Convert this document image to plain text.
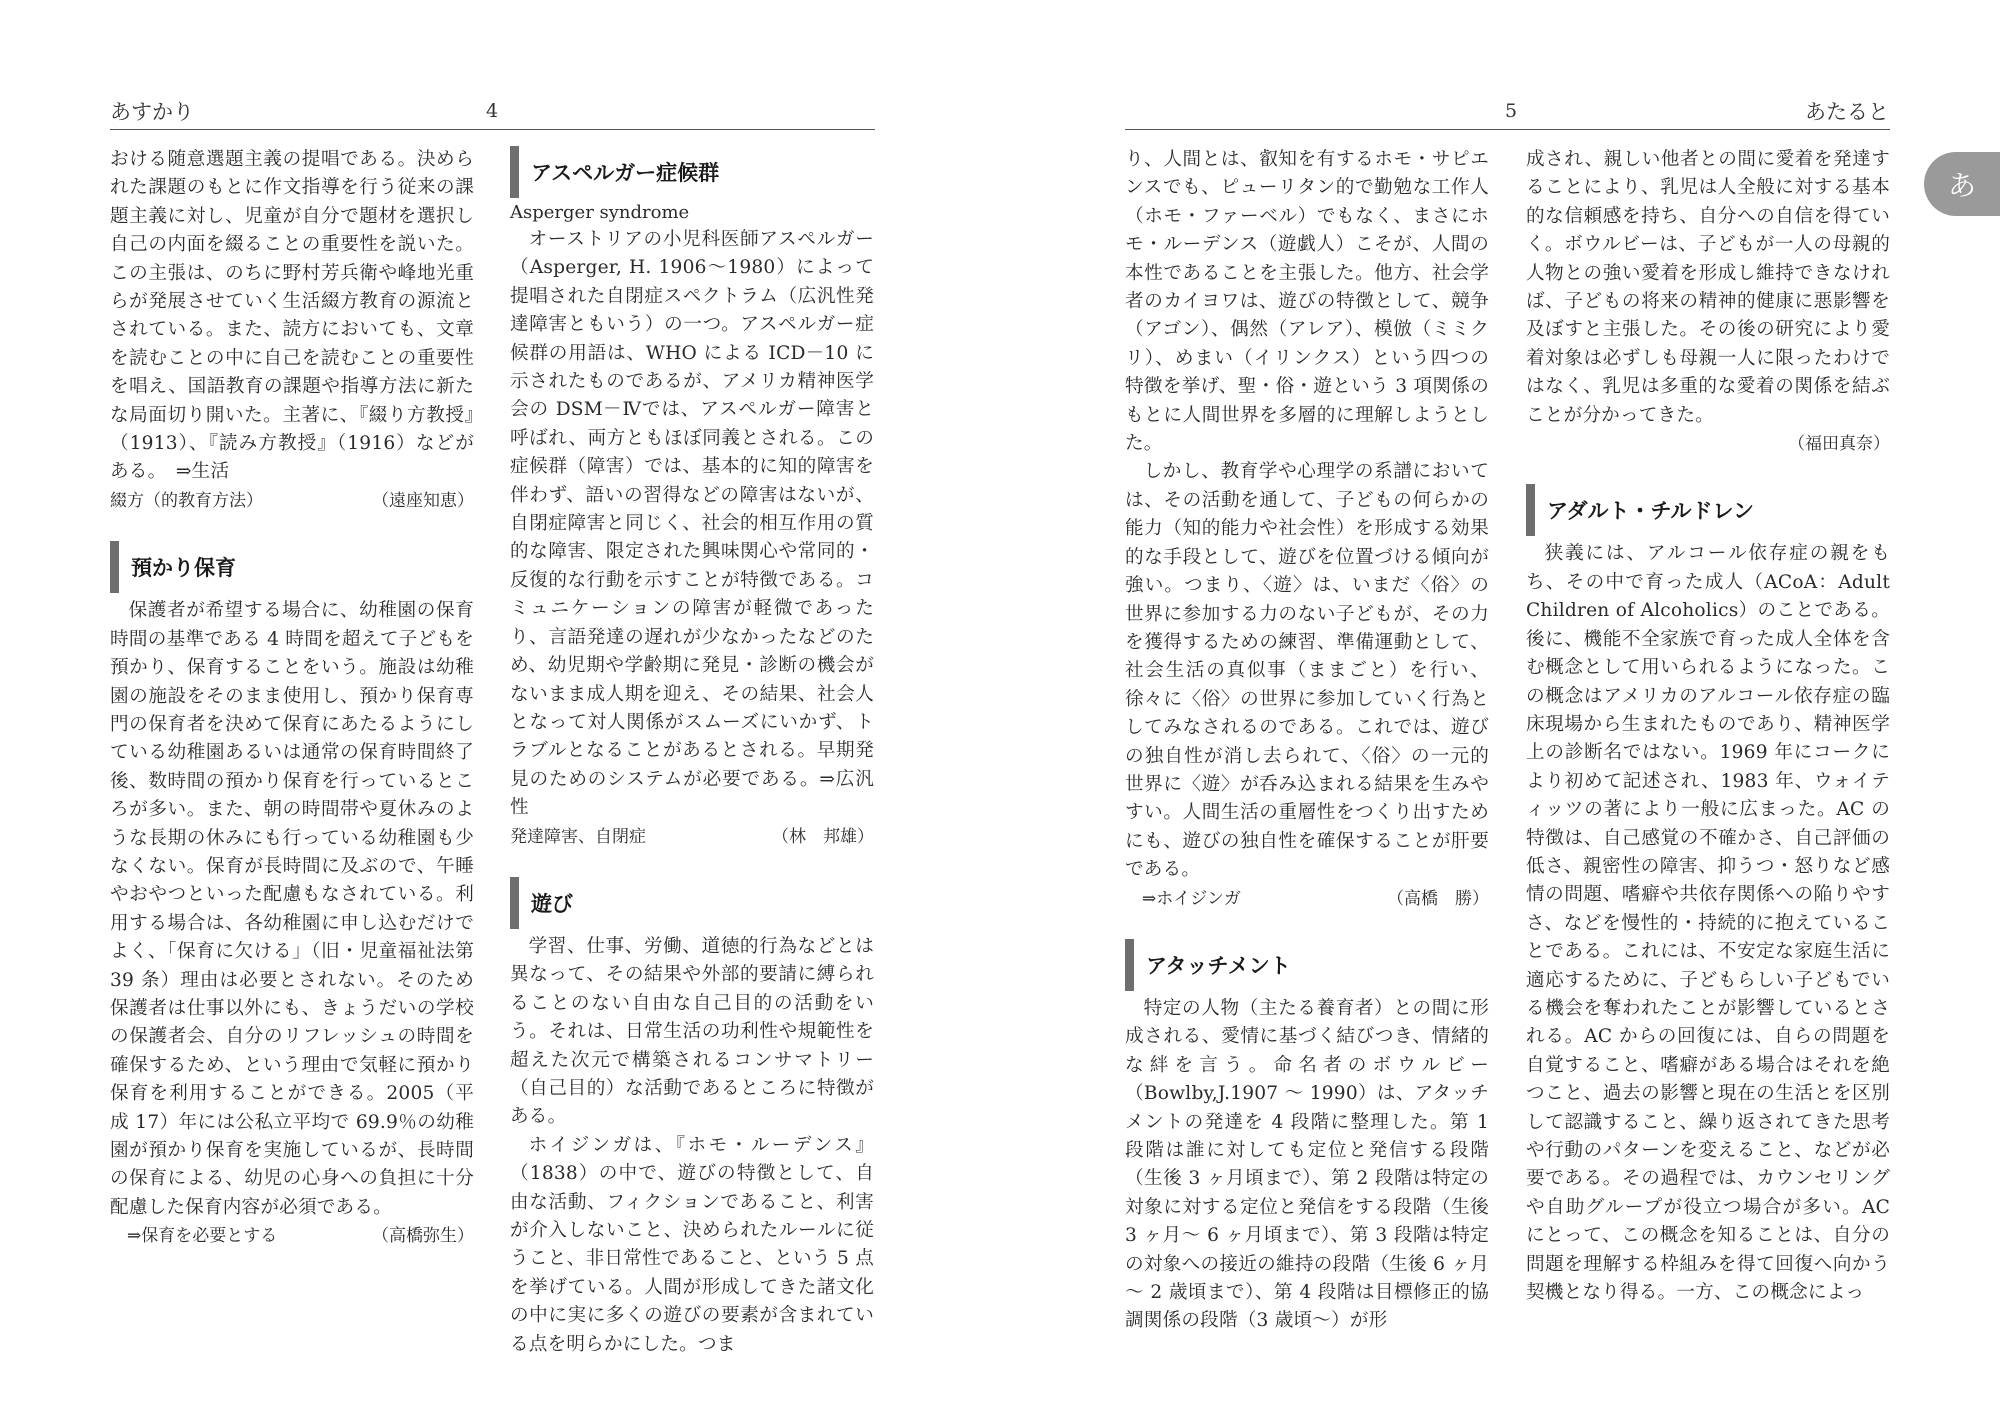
あすかり	4

おける随意選題主義の提唱である。決められた課題のもとに作文指導を行う従来の課題主義に対し、児童が自分で題材を選択し自己の内面を綴ることの重要性を説いた。この主張は、のちに野村芳兵衛や峰地光重らが発展させていく生活綴方教育の源流とされている。また、読方においても、文章を読むことの中に自己を読むことの重要性を唱え、国語教育の課題や指導方法に新たな局面切り開いた。主著に、『綴り方教授』（1913）、『読み方教授』（1916）などがある。　⇒生活

綴方（的教育方法）	（遠座知恵）
預かり保育

保護者が希望する場合に、幼稚園の保育時間の基準である 4 時間を超えて子どもを預かり、保育することをいう。施設は幼稚園の施設をそのまま使用し、預かり保育専門の保育者を決めて保育にあたるようにしている幼稚園あるいは通常の保育時間終了後、数時間の預かり保育を行っているところが多い。また、朝の時間帯や夏休みのような長期の休みにも行っている幼稚園も少なくない。保育が長時間に及ぶので、午睡やおやつといった配慮もなされている。利用する場合は、各幼稚園に申し込むだけでよく、「保育に欠ける」（旧・児童福祉法第 39 条）理由は必要とされない。そのため保護者は仕事以外にも、きょうだいの学校の保護者会、自分のリフレッシュの時間を確保するため、という理由で気軽に預かり保育を利用することができる。2005（平成 17）年には公私立平均で 69.9％の幼稚園が預かり保育を実施しているが、長時間の保育による、幼児の心身への負担に十分配慮した保育内容が必須である。

⇒保育を必要とする	（高橋弥生）
アスペルガー症候群
Asperger syndrome

オーストリアの小児科医師アスペルガー（Asperger, H. 1906～1980）によって提唱された自閉症スペクトラム（広汎性発達障害ともいう）の一つ。アスペルガー症候群の用語は、WHO による ICD－10 に示されたものであるが、アメリカ精神医学会の DSM－Ⅳでは、アスペルガー障害と呼ばれ、両方ともほぼ同義とされる。この症候群（障害）では、基本的に知的障害を伴わず、語いの習得などの障害はないが、自閉症障害と同じく、社会的相互作用の質的な障害、限定された興味関心や常同的・反復的な行動を示すことが特徴である。コミュニケーションの障害が軽微であったり、言語発達の遅れが少なかったなどのため、幼児期や学齢期に発見・診断の機会がないまま成人期を迎え、その結果、社会人となって対人関係がスムーズにいかず、トラブルとなることがあるとされる。早期発見のためのシステムが必要である。⇒広汎性

発達障害、自閉症	（林　邦雄）
遊び

学習、仕事、労働、道徳的行為などとは異なって、その結果や外部的要請に縛られることのない自由な自己目的の活動をいう。それは、日常生活の功利性や規範性を超えた次元で構築されるコンサマトリー（自己目的）な活動であるところに特徴がある。

ホイジンガは、『ホモ・ルーデンス』（1838）の中で、遊びの特徴として、自由な活動、フィクションであること、利害が介入しないこと、決められたルールに従うこと、非日常性であること、という 5 点を挙げている。人間が形成してきた諸文化の中に実に多くの遊びの要素が含まれている点を明らかにした。つま

5	あたると

り、人間とは、叡知を有するホモ・サピエンスでも、ピューリタン的で勤勉な工作人（ホモ・ファーベル）でもなく、まさにホモ・ルーデンス（遊戯人）こそが、人間の本性であることを主張した。他方、社会学者のカイヨワは、遊びの特徴として、競争（アゴン）、偶然（アレア）、模倣（ミミクリ）、めまい（イリンクス）という四つの特徴を挙げ、聖・俗・遊という 3 項関係のもとに人間世界を多層的に理解しようとした。

しかし、教育学や心理学の系譜においては、その活動を通して、子どもの何らかの能力（知的能力や社会性）を形成する効果的な手段として、遊びを位置づける傾向が強い。つまり、〈遊〉は、いまだ〈俗〉の世界に参加する力のない子どもが、その力を獲得するための練習、準備運動として、社会生活の真似事（ままごと）を行い、徐々に〈俗〉の世界に参加していく行為としてみなされるのである。これでは、遊びの独自性が消し去られて、〈俗〉の一元的世界に〈遊〉が呑み込まれる結果を生みやすい。人間生活の重層性をつくり出すためにも、遊びの独自性を確保することが肝要である。

⇒ホイジンガ	（高橋　勝）
アタッチメント

特定の人物（主たる養育者）との間に形成される、愛情に基づく結びつき、情緒的な絆を言う。命名者のボウルビー（Bowlby,J.1907 ～ 1990）は、アタッチメントの発達を 4 段階に整理した。第 1 段階は誰に対しても定位と発信する段階（生後 3 ヶ月頃まで）、第 2 段階は特定の対象に対する定位と発信をする段階（生後 3 ヶ月～ 6 ヶ月頃まで）、第 3 段階は特定の対象への接近の維持の段階（生後 6 ヶ月～ 2 歳頃まで）、第 4 段階は目標修正的協調関係の段階（3 歳頃～）が形

成され、親しい他者との間に愛着を発達することにより、乳児は人全般に対する基本的な信頼感を持ち、自分への自信を得ていく。ボウルビーは、子どもが一人の母親的人物との強い愛着を形成し維持できなければ、子どもの将来の精神的健康に悪影響を及ぼすと主張した。その後の研究により愛着対象は必ずしも母親一人に限ったわけではなく、乳児は多重的な愛着の関係を結ぶことが分かってきた。

（福田真奈）
アダルト・チルドレン

狭義には、アルコール依存症の親をもち、その中で育った成人（ACoA：Adult Children of Alcoholics）のことである。後に、機能不全家族で育った成人全体を含む概念として用いられるようになった。この概念はアメリカのアルコール依存症の臨床現場から生まれたものであり、精神医学上の診断名ではない。1969 年にコークにより初めて記述され、1983 年、ウォイティッツの著により一般に広まった。AC の特徴は、自己感覚の不確かさ、自己評価の低さ、親密性の障害、抑うつ・怒りなど感情の問題、嗜癖や共依存関係への陥りやすさ、などを慢性的・持続的に抱えていることである。これには、不安定な家庭生活に適応するために、子どもらしい子どもでいる機会を奪われたことが影響しているとされる。AC からの回復には、自らの問題を自覚すること、嗜癖がある場合はそれを絶つこと、過去の影響と現在の生活とを区別して認識すること、繰り返されてきた思考や行動のパターンを変えること、などが必要である。その過程では、カウンセリングや自助グループが役立つ場合が多い。AC にとって、この概念を知ることは、自分の問題を理解する枠組みを得て回復へ向かう契機となり得る。一方、この概念によっ

あ
